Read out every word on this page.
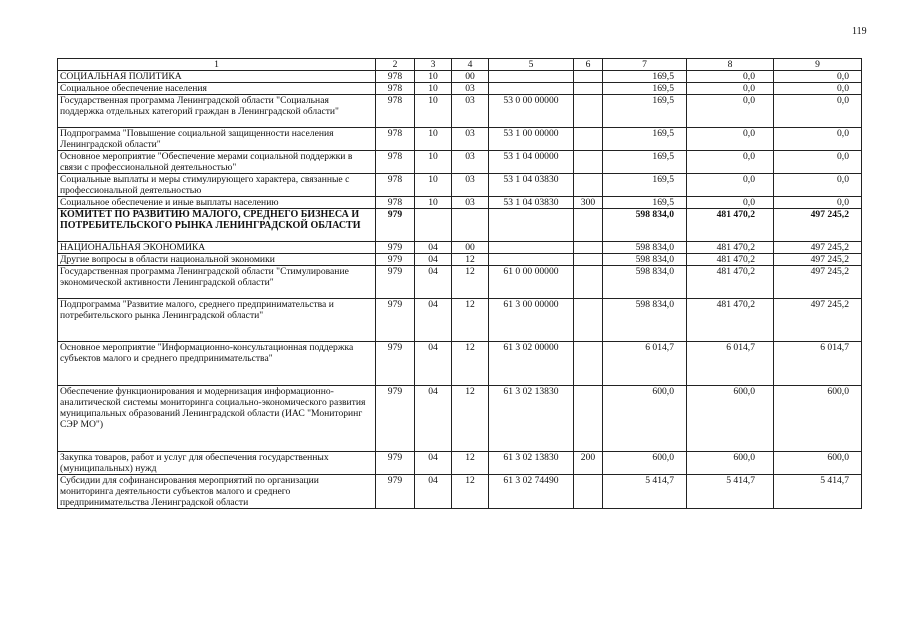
119
1	2	3	4	5	6	7	8	9
СОЦИАЛЬНАЯ ПОЛИТИКА	978	10	00			169,5	0,0	0,0
Социальное обеспечение населения	978	10	03			169,5	0,0	0,0
Государственная программа Ленинградской области "Социальная поддержка отдельных категорий граждан в Ленинградской области"	978	10	03	53 0 00 00000		169,5	0,0	0,0
Подпрограмма "Повышение социальной защищенности населения Ленинградской области"	978	10	03	53 1 00 00000		169,5	0,0	0,0
Основное мероприятие "Обеспечение мерами социальной поддержки в связи с профессиональной деятельностью"	978	10	03	53 1 04 00000		169,5	0,0	0,0
Социальные выплаты и меры стимулирующего характера, связанные с профессиональной деятельностью	978	10	03	53 1 04 03830		169,5	0,0	0,0
Социальное обеспечение и иные выплаты населению	978	10	03	53 1 04 03830	300	169,5	0,0	0,0
КОМИТЕТ ПО РАЗВИТИЮ МАЛОГО, СРЕДНЕГО БИЗНЕСА И ПОТРЕБИТЕЛЬСКОГО РЫНКА ЛЕНИНГРАДСКОЙ ОБЛАСТИ	979					598 834,0	481 470,2	497 245,2
НАЦИОНАЛЬНАЯ ЭКОНОМИКА	979	04	00			598 834,0	481 470,2	497 245,2
Другие вопросы в области национальной экономики	979	04	12			598 834,0	481 470,2	497 245,2
Государственная программа Ленинградской области "Стимулирование экономической активности Ленинградской области"	979	04	12	61 0 00 00000		598 834,0	481 470,2	497 245,2
Подпрограмма "Развитие малого, среднего предпринимательства и потребительского рынка Ленинградской области"	979	04	12	61 3 00 00000		598 834,0	481 470,2	497 245,2
Основное мероприятие "Информационно-консультационная поддержка субъектов малого и среднего предпринимательства"	979	04	12	61 3 02 00000		6 014,7	6 014,7	6 014,7
Обеспечение функционирования и модернизация информационно-аналитической системы мониторинга социально-экономического развития муниципальных образований Ленинградской области (ИАС "Мониторинг СЭР МО")	979	04	12	61 3 02 13830		600,0	600,0	600,0
Закупка товаров, работ и услуг для обеспечения государственных (муниципальных) нужд	979	04	12	61 3 02 13830	200	600,0	600,0	600,0
Субсидии для софинансирования мероприятий по организации мониторинга деятельности субъектов малого и среднего предпринимательства Ленинградской области	979	04	12	61 3 02 74490		5 414,7	5 414,7	5 414,7
